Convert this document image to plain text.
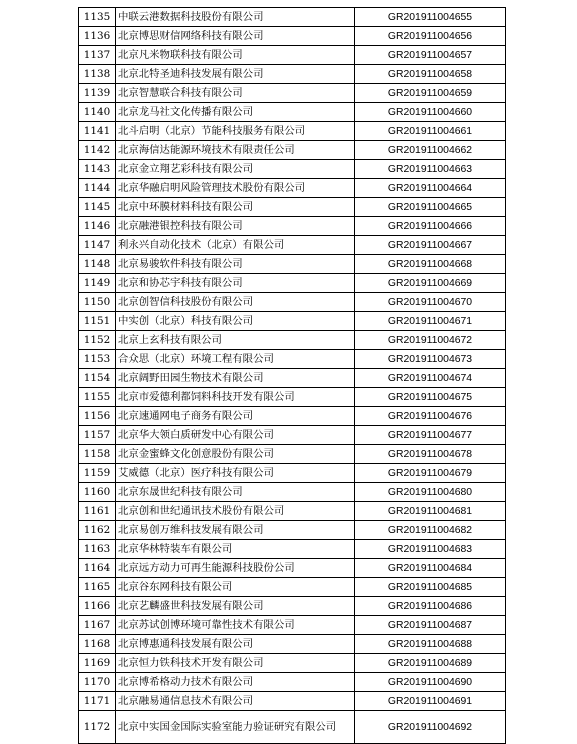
1135	中联云港数据科技股份有限公司	GR201911004655
1136	北京博思财信网络科技有限公司	GR201911004656
1137	北京凡米物联科技有限公司	GR201911004657
1138	北京北特圣迪科技发展有限公司	GR201911004658
1139	北京智慧联合科技有限公司	GR201911004659
1140	北京龙马社文化传播有限公司	GR201911004660
1141	北斗启明（北京）节能科技服务有限公司	GR201911004661
1142	北京海信达能源环境技术有限责任公司	GR201911004662
1143	北京金立翔艺彩科技有限公司	GR201911004663
1144	北京华融启明风险管理技术股份有限公司	GR201911004664
1145	北京中环膜材料科技有限公司	GR201911004665
1146	北京融港银控科技有限公司	GR201911004666
1147	利永兴自动化技术（北京）有限公司	GR201911004667
1148	北京易骏软件科技有限公司	GR201911004668
1149	北京和协芯宇科技有限公司	GR201911004669
1150	北京创智信科技股份有限公司	GR201911004670
1151	中实创（北京）科技有限公司	GR201911004671
1152	北京上玄科技有限公司	GR201911004672
1153	合众思（北京）环境工程有限公司	GR201911004673
1154	北京阔野田园生物技术有限公司	GR201911004674
1155	北京市爱德利都饲料科技开发有限公司	GR201911004675
1156	北京速通网电子商务有限公司	GR201911004676
1157	北京华大领白质研发中心有限公司	GR201911004677
1158	北京金蜜蜂文化创意股份有限公司	GR201911004678
1159	艾威德（北京）医疗科技有限公司	GR201911004679
1160	北京东晟世纪科技有限公司	GR201911004680
1161	北京创和世纪通讯技术股份有限公司	GR201911004681
1162	北京易创万维科技发展有限公司	GR201911004682
1163	北京华林特装车有限公司	GR201911004683
1164	北京远方动力可再生能源科技股份公司	GR201911004684
1165	北京谷东网科技有限公司	GR201911004685
1166	北京艺麟盛世科技发展有限公司	GR201911004686
1167	北京苏试创博环境可靠性技术有限公司	GR201911004687
1168	北京博惠通科技发展有限公司	GR201911004688
1169	北京恒力铁科技术开发有限公司	GR201911004689
1170	北京博希格动力技术有限公司	GR201911004690
1171	北京融易通信息技术有限公司	GR201911004691
1172	北京中实国金国际实验室能力验证研究有限公司	GR201911004692
